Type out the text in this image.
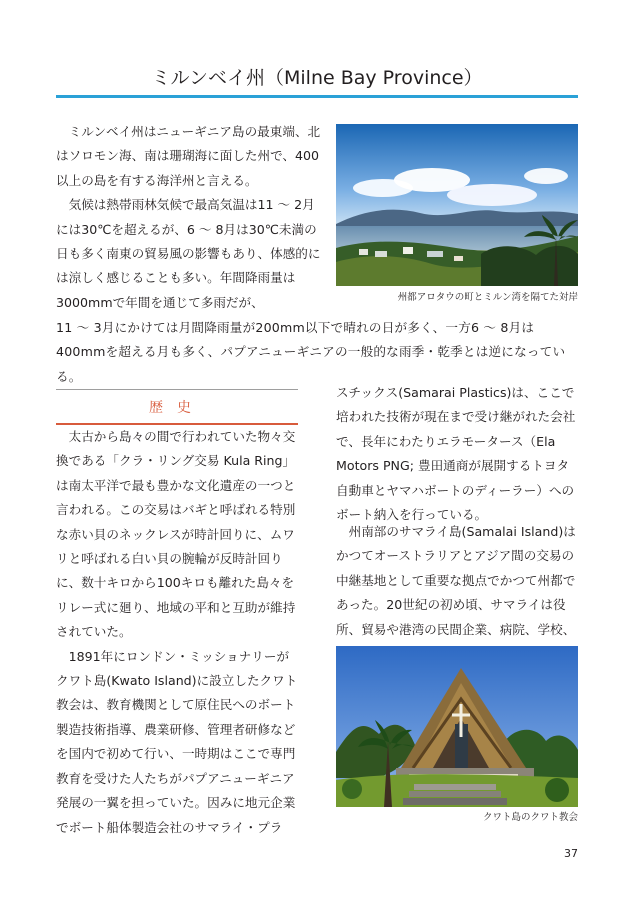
ミルンベイ州（Milne Bay Province）

ミルンベイ州はニューギニア島の最東端、北はソロモン海、南は珊瑚海に面した州で、400以上の島を有する海洋州と言える。

気候は熱帯雨林気候で最高気温は11 ～ 2月には30℃を超えるが、6 ～ 8月は30℃未満の日も多く南東の貿易風の影響もあり、体感的には涼しく感じることも多い。年間降雨量は3000mmで年間を通じて多雨だが、	州都アロタウの町とミルン湾を隔てた対岸

11 ～ 3月にかけては月間降雨量が200mm以下で晴れの日が多く、一方6 ～ 8月は400mmを超える月も多く、パプアニューギニアの一般的な雨季・乾季とは逆になっている。

歴史

太古から島々の間で行われていた物々交換である「クラ・リング交易 Kula Ring」は南太平洋で最も豊かな文化遺産の一つと言われる。この交易はバギと呼ばれる特別な赤い貝のネックレスが時計回りに、ムワリと呼ばれる白い貝の腕輪が反時計回りに、数十キロから100キロも離れた島々をリレー式に廻り、地域の平和と互助が維持されていた。

1891年にロンドン・ミッショナリーがクワト島(Kwato Island)に設立したクワト教会は、教育機関として原住民へのボート製造技術指導、農業研修、管理者研修などを国内で初めて行い、一時期はここで専門教育を受けた人たちがパプアニューギニア発展の一翼を担っていた。因みに地元企業でボート船体製造会社のサマライ・プラ

スチックス(Samarai Plastics)は、ここで培われた技術が現在まで受け継がれた会社で、長年にわたりエラモータース（Ela Motors PNG; 豊田通商が展開するトヨタ自動車とヤマハボートのディーラー）へのボート納入を行っている。

州南部のサマライ島(Samalai Island)はかつてオーストラリアとアジア間の交易の中継基地として重要な拠点でかつて州都であった。20世紀の初め頃、サマライは役所、貿易や港湾の民間企業、病院、学校、

クワト島のクワト教会
37
